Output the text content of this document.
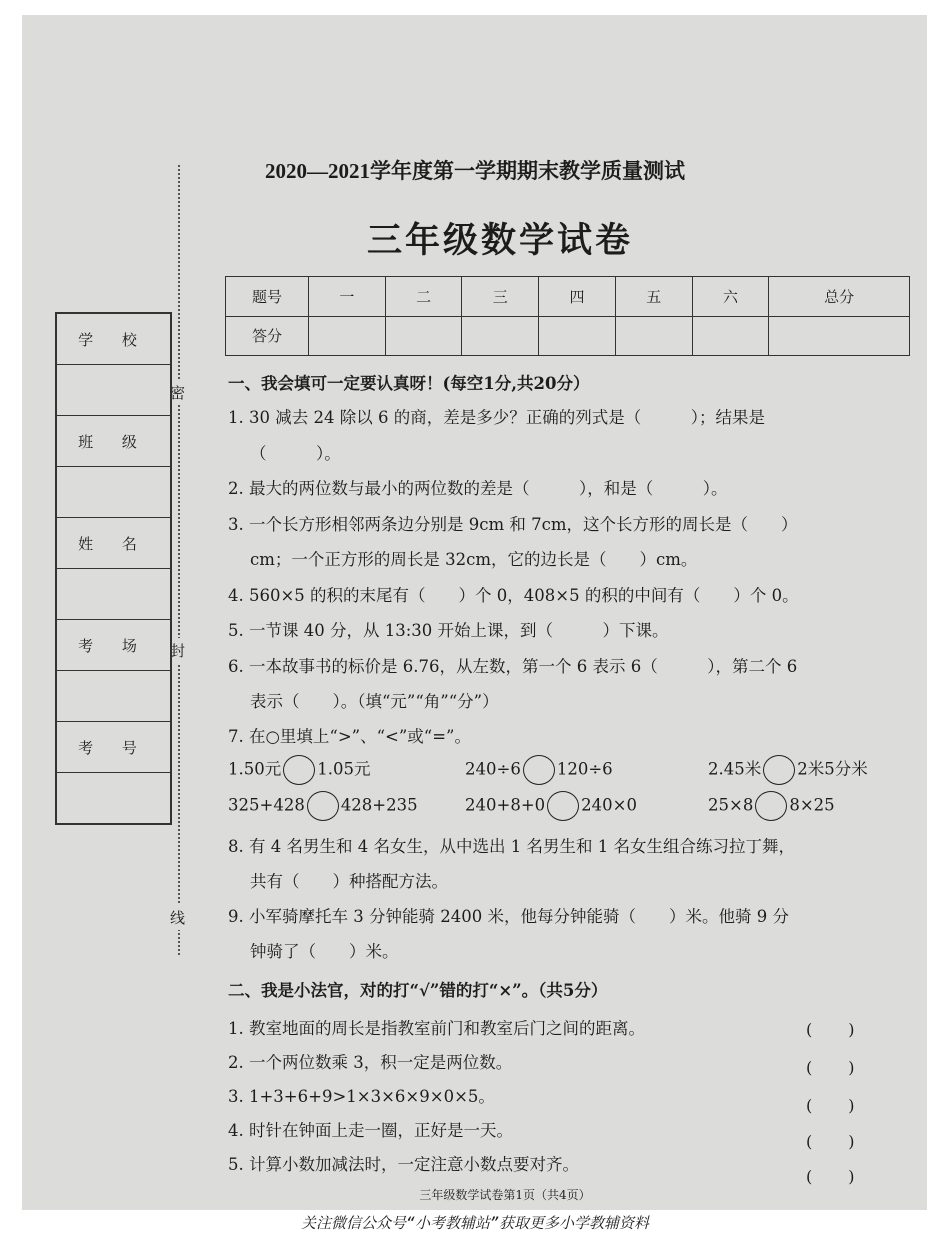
密
封
线
学 校
班 级
姓 名
考 场
考 号
2020—2021学年度第一学期期末教学质量测试
三年级数学试卷
题号	一	二	三	四	五	六	总分
答分							
一、我会填可一定要认真呀！(每空1分,共20分）
1. 30 减去 24 除以 6 的商，差是多少？正确的列式是（　　　）；结果是
（　　　）。
2. 最大的两位数与最小的两位数的差是（　　　），和是（　　　）。
3. 一个长方形相邻两条边分别是 9cm 和 7cm，这个长方形的周长是（　　）
cm；一个正方形的周长是 32cm，它的边长是（　　）cm。
4. 560×5 的积的末尾有（　　）个 0，408×5 的积的中间有（　　）个 0。
5. 一节课 40 分，从 13:30 开始上课，到（　　　）下课。
6. 一本故事书的标价是 6.76，从左数，第一个 6 表示 6（　　　），第二个 6
表示（　　）。（填“元”“角”“分”）
7. 在○里填上“>”、“<”或“=”。
1.50元 1.05元	240÷6 120÷6	2.45米 2米5分米
325+428 428+235	240+8+0 240×0	25×8 8×25
8. 有 4 名男生和 4 名女生，从中选出 1 名男生和 1 名女生组合练习拉丁舞，
共有（　　）种搭配方法。
9. 小军骑摩托车 3 分钟能骑 2400 米，他每分钟能骑（　　）米。他骑 9 分
钟骑了（　　）米。
二、我是小法官，对的打“√”错的打“×”。（共5分）
1. 教室地面的周长是指教室前门和教室后门之间的距离。
2. 一个两位数乘 3，积一定是两位数。
3. 1+3+6+9>1×3×6×9×0×5。
4. 时针在钟面上走一圈，正好是一天。
5. 计算小数加减法时，一定注意小数点要对齐。
()
()
()
()
()
三年级数学试卷第1页（共4页）
关注微信公众号“小考教辅站”获取更多小学教辅资料
